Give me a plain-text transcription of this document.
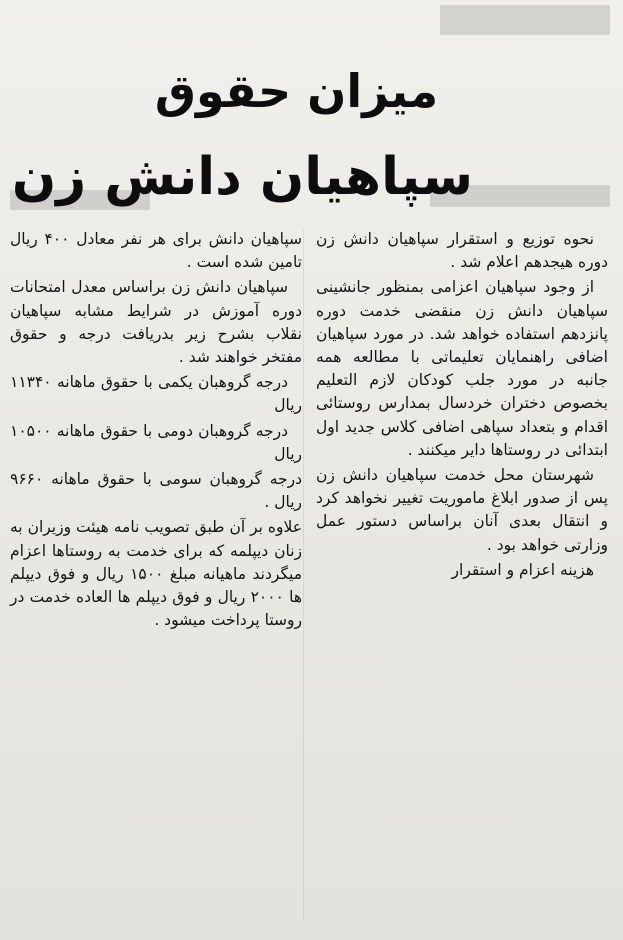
میزان حقوق
سپاهیان دانش زن

نحوه توزیع و استقرار سپاهیان دانش زن دوره هیجدهم اعلام شد .

از وجود سپاهیان اعزامی بمنظور جانشینی سپاهیان دانش زن منقضی خدمت دوره پانزدهم استفاده خواهد شد. در مورد سپاهیان اضافی راهنمایان تعلیماتی با مطالعه همه جانبه در مورد جلب کودکان لازم التعلیم بخصوص دختران خردسال بمدارس روستائی اقدام و بتعداد سپاهی اضافی کلاس جدید اول ابتدائی در روستاها دایر میکنند .

شهرستان محل خدمت سپاهیان دانش زن پس از صدور ابلاغ ماموریت تغییر نخواهد کرد و انتقال بعدی آنان براساس دستور عمل وزارتی خواهد بود .

هزینه اعزام و استقرار

سپاهیان دانش برای هر نفر معادل ۴۰۰ ریال تامین شده است .

سپاهیان دانش زن براساس معدل امتحانات دوره آموزش در شرایط مشابه سپاهیان نقلاب بشرح زیر بدریافت درجه و حقوق مفتخر خواهند شد .

درجه گروهبان یکمی با حقوق ماهانه ۱۱۳۴۰ ریال

درجه گروهبان دومی با حقوق ماهانه ۱۰۵۰۰ ریال

درجه گروهبان سومی با حقوق ماهانه ۹۶۶۰ ریال .

علاوه بر آن طبق تصویب نامه هیئت وزیران به زنان دیپلمه که برای خدمت به روستاها اعزام میگردند ماهیانه مبلغ ۱۵۰۰ ریال و فوق دیپلم ها ۲۰۰۰ ریال و فوق دیپلم ها العاده خدمت در روستا پرداخت میشود .
